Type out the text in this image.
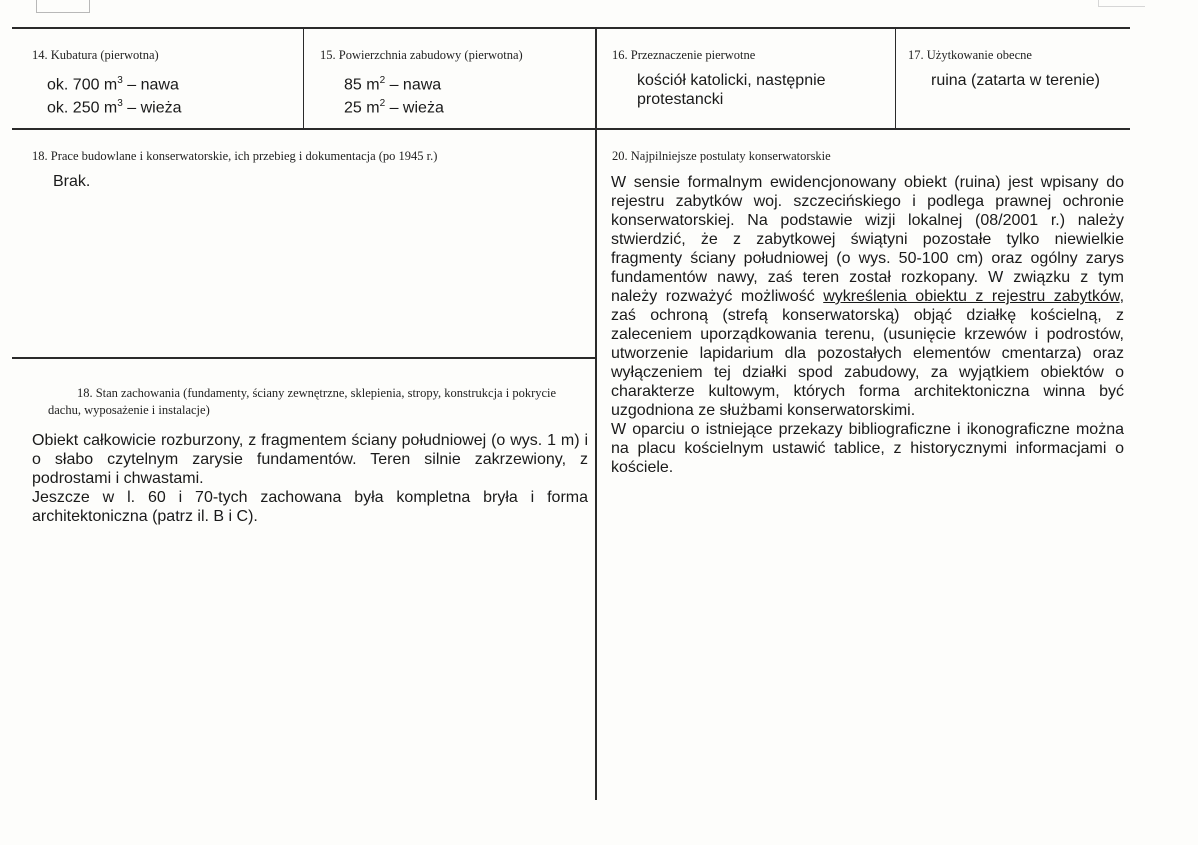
14. Kubatura (pierwotna)
ok. 700 $m^3$ – nawa
ok. 250 $m^3$ – wieża
15. Powierzchnia zabudowy (pierwotna)
85 $m^2$ – nawa
25 $m^2$ – wieża
16. Przeznaczenie pierwotne
kościół katolicki, następnie protestancki
17. Użytkowanie obecne
ruina (zatarta w terenie)
18. Prace budowlane i konserwatorskie, ich przebieg i dokumentacja (po 1945 r.)
Brak.
18. Stan zachowania (fundamenty, ściany zewnętrzne, sklepienia, stropy, konstrukcja i pokrycie
dachu, wyposażenie i instalacje)
Obiekt całkowicie rozburzony, z fragmentem ściany południowej (o wys. 1 m) i o słabo czytelnym zarysie fundamentów. Teren silnie zakrzewiony, z podrostami i chwastami.
Jeszcze w l. 60 i 70-tych zachowana była kompletna bryła i forma architektoniczna (patrz il. B i C).
20. Najpilniejsze postulaty konserwatorskie
W sensie formalnym ewidencjonowany obiekt (ruina) jest wpisany do rejestru zabytków woj. szczecińskiego i podlega prawnej ochronie konserwatorskiej. Na podstawie wizji lokalnej (08/2001 r.) należy stwierdzić, że z zabytkowej świątyni pozostałe tylko niewielkie fragmenty ściany południowej (o wys. 50-100 cm) oraz ogólny zarys fundamentów nawy, zaś teren został rozkopany. W związku z tym należy rozważyć możliwość wykreślenia obiektu z rejestru zabytków, zaś ochroną (strefą konserwatorską) objąć działkę kościelną, z zaleceniem uporządkowania terenu, (usunięcie krzewów i podrostów, utworzenie lapidarium dla pozostałych elementów cmentarza) oraz wyłączeniem tej działki spod zabudowy, za wyjątkiem obiektów o charakterze kultowym, których forma architektoniczna winna być uzgodniona ze służbami konserwatorskimi.
W oparciu o istniejące przekazy bibliograficzne i ikonograficzne można na placu kościelnym ustawić tablice, z historycznymi informacjami o kościele.
